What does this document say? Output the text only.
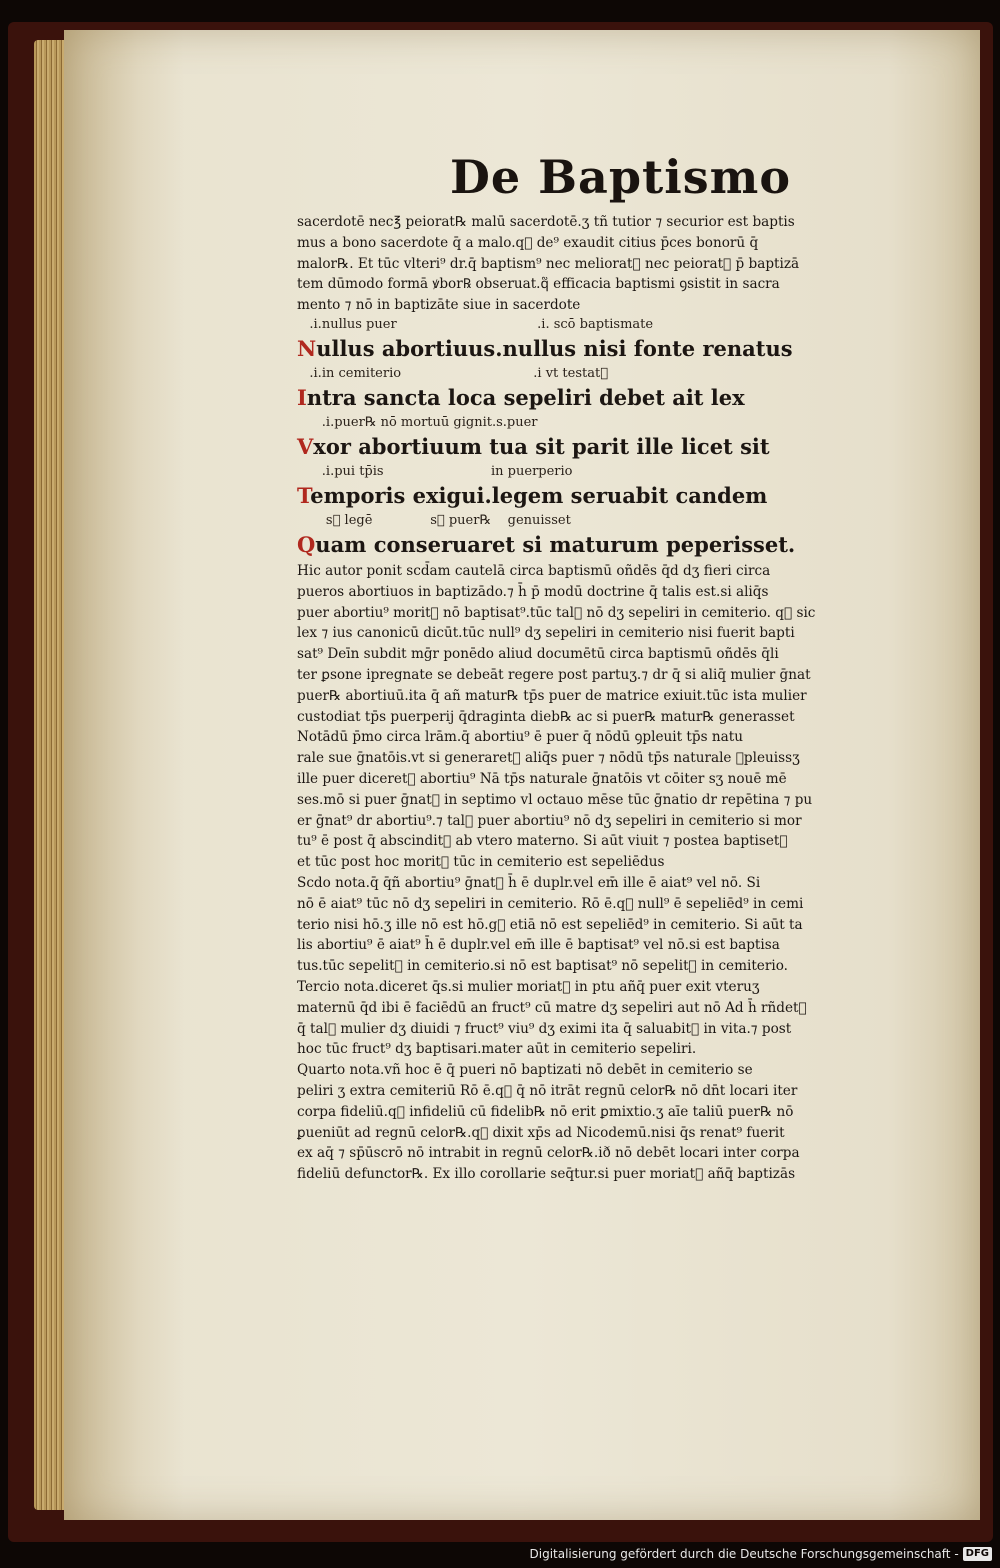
De Baptismo
sacerdotē nec℥ peiorat℞ malū sacerdotē.ʒ tñ tutior ⁊ securior est baptis
mus a bono sacerdote q̄ a malo.q᷑ de⁹ exaudit citius p̄ces bonorū q̄
malor℞. Et tūc vlteri⁹ dr.q̄ baptism⁹ nec melioratᷓ nec peioratᷓ p̄ baptizā
tem dūmodo formā ꝟbor℞ obseruat.q᷑ efficacia baptismi ꝯsistit in sacra
mento ⁊ nō in baptizāte siue in sacerdote
.i.nullus puer                                  .i. scō baptismate
Nullus abortiuus.nullus nisi fonte renatus
.i.in cemiterio                                .i vt testatᷓ
Intra sancta loca sepeliri debet ait lex
.i.puer℞ nō mortuū gignit.s.puer
Vxor abortiuum tua sit parit ille licet sit
.i.pui tp̄is                          in puerperio
Temporis exigui.legem seruabit candem
s᷑ legē              s᷑ puer℞    genuisset
Quam conseruaret si maturum peperisset.
Hic autor ponit scd̄am cautelā circa baptismū oñdēs q̄d dʒ fieri circa
pueros abortiuos in baptizādo.⁊ h̄ p̄ modū doctrine q̄ talis est.si aliq̄s
puer abortiu⁹ moritᷓ nō baptisat⁹.tūc tal᷑ nō dʒ sepeliri in cemiterio. q᷑ sic
lex ⁊ ius canonicū dicūt.tūc null⁹ dʒ sepeliri in cemiterio nisi fuerit bapti
sat⁹ Deīn subdit mḡr ponēdo aliud documētū circa baptismū oñdēs q̄li
ter ꝑsone ipregnate se debeāt regere post partuʒ.⁊ dr q̄ si aliq̄ mulier ḡnat
puer℞ abortiuū.ita q̄ añ matur℞ tp̄s puer de matrice exiuit.tūc ista mulier
custodiat tp̄s puerperij q̄draginta dieb℞ ac si puer℞ matur℞ generasset
Notādū p̄mo circa lrām.q̄ abortiu⁹ ē puer q̄ nōdū ꝯpleuit tp̄s natu
rale sue ḡnatōis.vt si generaretᷓ aliq̄s puer ⁊ nōdū tp̄s naturale ꝯpleuissʒ
ille puer diceretᷓ abortiu⁹ Nā tp̄s naturale ḡnatōis vt cōiter sʒ nouē mē
ses.mō si puer ḡnatᷓ in septimo vl octauo mēse tūc ḡnatio dr repētina ⁊ pu
er ḡnat⁹ dr abortiu⁹.⁊ tal᷑ puer abortiu⁹ nō dʒ sepeliri in cemiterio si mor
tu⁹ ē post q̄ abscinditᷓ ab vtero materno. Si aūt viuit ⁊ postea baptisetᷓ
et tūc post hoc moritᷓ tūc in cemiterio est sepeliēdus
Scdo nota.q̄ q̄ñ abortiu⁹ ḡnatᷓ h̄ ē duplr.vel em̄ ille ē aiat⁹ vel nō. Si
nō ē aiat⁹ tūc nō dʒ sepeliri in cemiterio. Rō ē.q᷑ null⁹ ē sepeliēd⁹ in cemi
terio nisi hō.ʒ ille nō est hō.g᷑ etiā nō est sepeliēd⁹ in cemiterio. Si aūt ta
lis abortiu⁹ ē aiat⁹ h̄ ē duplr.vel em̄ ille ē baptisat⁹ vel nō.si est baptisa
tus.tūc sepelitᷓ in cemiterio.si nō est baptisat⁹ nō sepelitᷓ in cemiterio.
Tercio nota.diceret q̄s.si mulier moriatᷓ in ptu añq̄ puer exit vteruʒ
maternū q̄d ibi ē faciēdū an fruct⁹ cū matre dʒ sepeliri aut nō Ad h̄ rñdetᷓ
q̄ tal᷑ mulier dʒ diuidi ⁊ fruct⁹ viu⁹ dʒ eximi ita q̄ saluabitᷓ in vita.⁊ post
hoc tūc fruct⁹ dʒ baptisari.mater aūt in cemiterio sepeliri.
Quarto nota.vñ hoc ē q̄ pueri nō baptizati nō debēt in cemiterio se
peliri ʒ extra cemiteriū Rō ē.q᷑ q̄ nō itrāt regnū celor℞ nō dn̄t locari iter
corpa fideliū.q᷑ infideliū cū fidelib℞ nō erit ꝑmixtio.ʒ aīe taliū puer℞ nō
ꝑueniūt ad regnū celor℞.q᷑ dixit xp̄s ad Nicodemū.nisi q̄s renat⁹ fuerit
ex aq̄ ⁊ sp̄ūscrō nō intrabit in regnū celor℞.ið nō debēt locari inter corpa
fideliū defunctor℞. Ex illo corollarie seq̄tur.si puer moriatᷓ añq̄ baptizās
Digitalisierung gefördert durch die Deutsche Forschungsgemeinschaft - DFG
